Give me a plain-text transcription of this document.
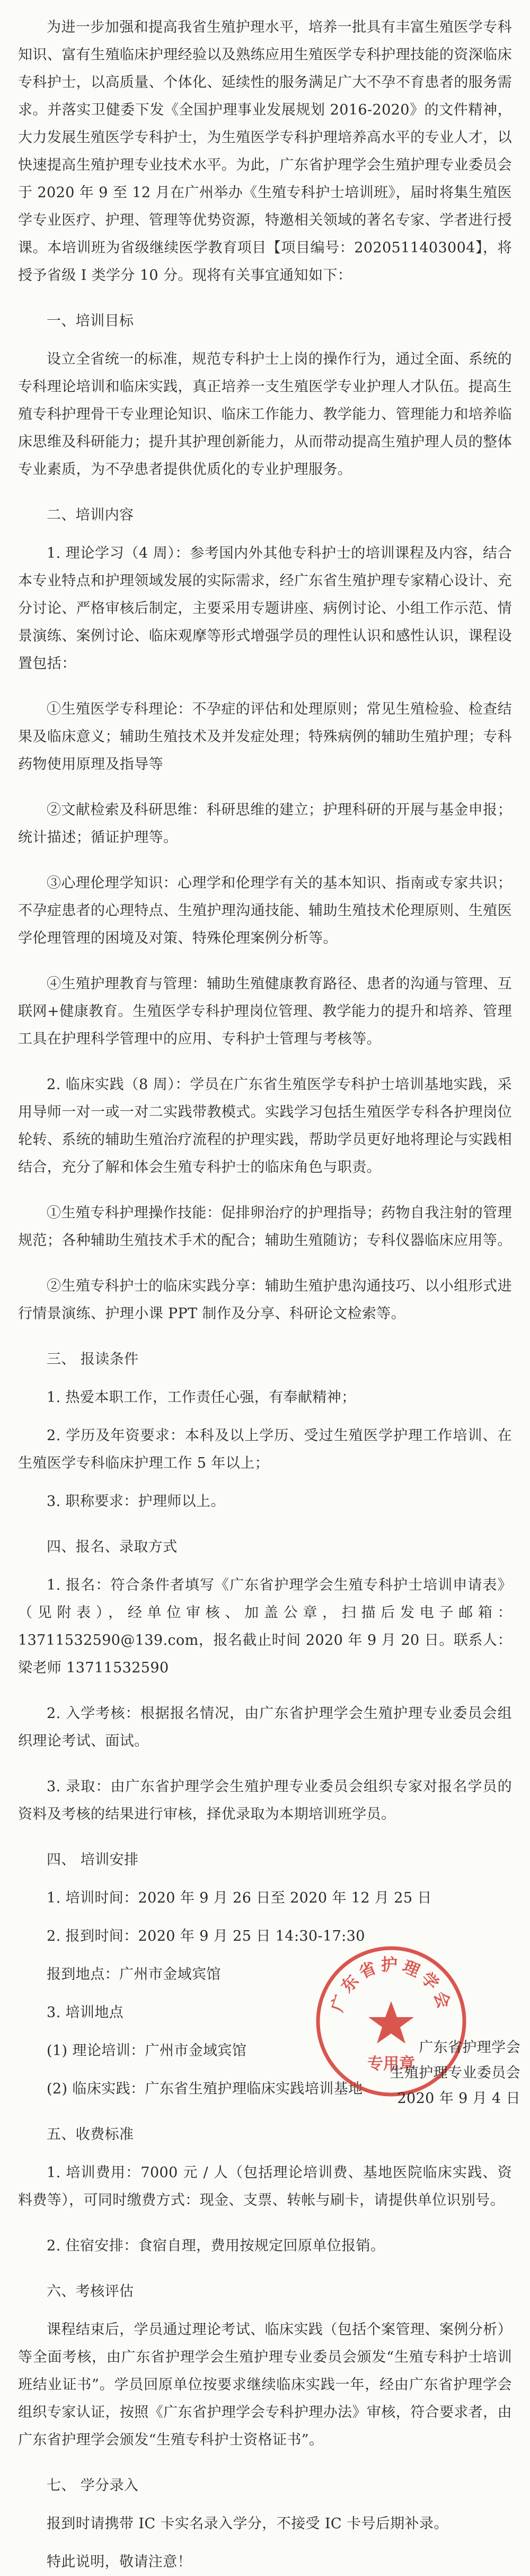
为进一步加强和提高我省生殖护理水平，培养一批具有丰富生殖医学专科知识、富有生殖临床护理经验以及熟练应用生殖医学专科护理技能的资深临床专科护士，以高质量、个体化、延续性的服务满足广大不孕不育患者的服务需求。并落实卫健委下发《全国护理事业发展规划 2016-2020》的文件精神，大力发展生殖医学专科护士，为生殖医学专科护理培养高水平的专业人才，以快速提高生殖护理专业技术水平。为此，广东省护理学会生殖护理专业委员会于 2020 年 9 至 12 月在广州举办《生殖专科护士培训班》，届时将集生殖医学专业医疗、护理、管理等优势资源，特邀相关领域的著名专家、学者进行授课。本培训班为省级继续医学教育项目【项目编号：2020511403004】，将授予省级 I 类学分 10 分。现将有关事宜通知如下：

一、培训目标

设立全省统一的标准，规范专科护士上岗的操作行为，通过全面、系统的专科理论培训和临床实践，真正培养一支生殖医学专业护理人才队伍。提高生殖专科护理骨干专业理论知识、临床工作能力、教学能力、管理能力和培养临床思维及科研能力；提升其护理创新能力，从而带动提高生殖护理人员的整体专业素质，为不孕患者提供优质化的专业护理服务。

二、培训内容

1. 理论学习（4 周）：参考国内外其他专科护士的培训课程及内容，结合本专业特点和护理领域发展的实际需求，经广东省生殖护理专家精心设计、充分讨论、严格审核后制定，主要采用专题讲座、病例讨论、小组工作示范、情景演练、案例讨论、临床观摩等形式增强学员的理性认识和感性认识，课程设置包括：

①生殖医学专科理论：不孕症的评估和处理原则；常见生殖检验、检查结果及临床意义；辅助生殖技术及并发症处理；特殊病例的辅助生殖护理；专科药物使用原理及指导等

②文献检索及科研思维：科研思维的建立；护理科研的开展与基金申报；统计描述；循证护理等。

③心理伦理学知识：心理学和伦理学有关的基本知识、指南或专家共识；不孕症患者的心理特点、生殖护理沟通技能、辅助生殖技术伦理原则、生殖医学伦理管理的困境及对策、特殊伦理案例分析等。

④生殖护理教育与管理：辅助生殖健康教育路径、患者的沟通与管理、互联网+健康教育。生殖医学专科护理岗位管理、教学能力的提升和培养、管理工具在护理科学管理中的应用、专科护士管理与考核等。

2. 临床实践（8 周）：学员在广东省生殖医学专科护士培训基地实践，采用导师一对一或一对二实践带教模式。实践学习包括生殖医学专科各护理岗位轮转、系统的辅助生殖治疗流程的护理实践，帮助学员更好地将理论与实践相结合，充分了解和体会生殖专科护士的临床角色与职责。

①生殖专科护理操作技能：促排卵治疗的护理指导；药物自我注射的管理规范；各种辅助生殖技术手术的配合；辅助生殖随访；专科仪器临床应用等。

②生殖专科护士的临床实践分享：辅助生殖护患沟通技巧、以小组形式进行情景演练、护理小课 PPT 制作及分享、科研论文检索等。

三、 报读条件

1. 热爱本职工作，工作责任心强，有奉献精神；

2. 学历及年资要求：本科及以上学历、受过生殖医学护理工作培训、在生殖医学专科临床护理工作 5 年以上；

3. 职称要求：护理师以上。

四、报名、录取方式

1. 报名：符合条件者填写《广东省护理学会生殖专科护士培训申请表》（见附表），经单位审核、加盖公章，扫描后发电子邮箱：13711532590@139.com，报名截止时间 2020 年 9 月 20 日。联系人：梁老师 13711532590

2. 入学考核：根据报名情况，由广东省护理学会生殖护理专业委员会组织理论考试、面试。

3. 录取：由广东省护理学会生殖护理专业委员会组织专家对报名学员的资料及考核的结果进行审核，择优录取为本期培训班学员。

四、 培训安排

1. 培训时间：2020 年 9 月 26 日至 2020 年 12 月 25 日

2. 报到时间：2020 年 9 月 25 日 14:30-17:30

报到地点：广州市金域宾馆

3. 培训地点

(1) 理论培训：广州市金域宾馆

(2) 临床实践：广东省生殖护理临床实践培训基地

五、收费标准

1. 培训费用：7000 元 / 人（包括理论培训费、基地医院临床实践、资料费等），可同时缴费方式：现金、支票、转帐与刷卡，请提供单位识别号。

2. 住宿安排：食宿自理，费用按规定回原单位报销。

六、考核评估

课程结束后，学员通过理论考试、临床实践（包括个案管理、案例分析）等全面考核，由广东省护理学会生殖护理专业委员会颁发“生殖专科护士培训班结业证书”。学员回原单位按要求继续临床实践一年，经由广东省护理学会组织专家认证，按照《广东省护理学会专科护理办法》审核，符合要求者，由广东省护理学会颁发“生殖专科护士资格证书”。

七、 学分录入

报到时请携带 IC 卡实名录入学分，不接受 IC 卡号后期补录。

特此说明，敬请注意！

广东省护理学会
专用章

广东省护理学会

生殖护理专业委员会

2020 年 9 月 4 日
